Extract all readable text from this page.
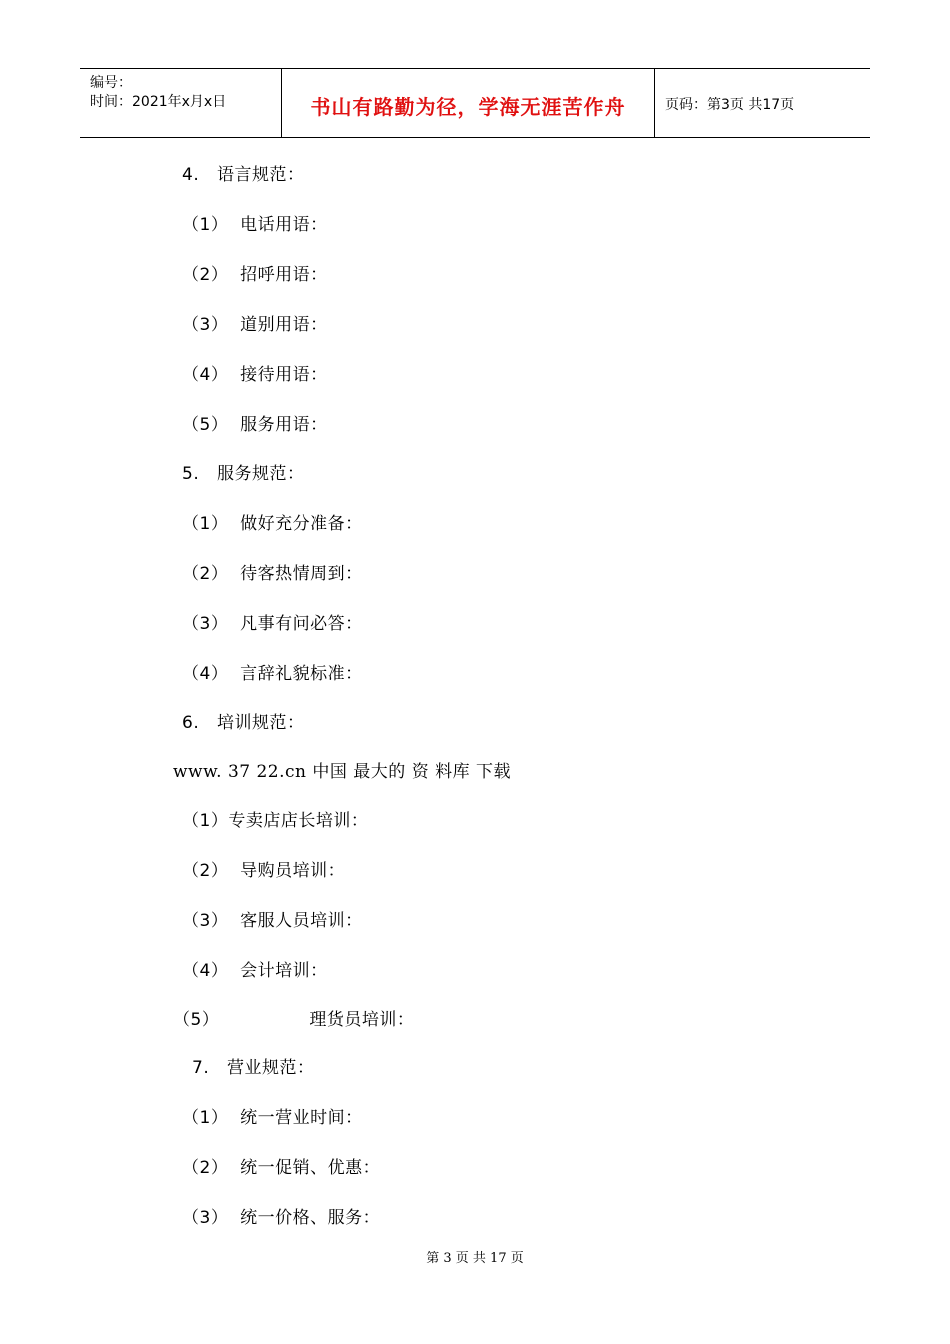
编号：
时间：2021年x月x日	书山有路勤为径，学海无涯苦作舟	页码：第3页 共17页
4. 语言规范：
（1） 电话用语：
（2） 招呼用语：
（3） 道别用语：
（4） 接待用语：
（5） 服务用语：
5. 服务规范：
（1） 做好充分准备：
（2） 待客热情周到：
（3） 凡事有问必答：
（4） 言辞礼貌标准：
6. 培训规范：
www. 37 22.cn 中国 最大的 资 料库 下载
（1）专卖店店长培训：
（2） 导购员培训：
（3） 客服人员培训：
（4） 会计培训：
（5）	理货员培训：
7. 营业规范：
（1） 统一营业时间：
（2） 统一促销、优惠：
（3） 统一价格、服务：
第 3 页 共 17 页
